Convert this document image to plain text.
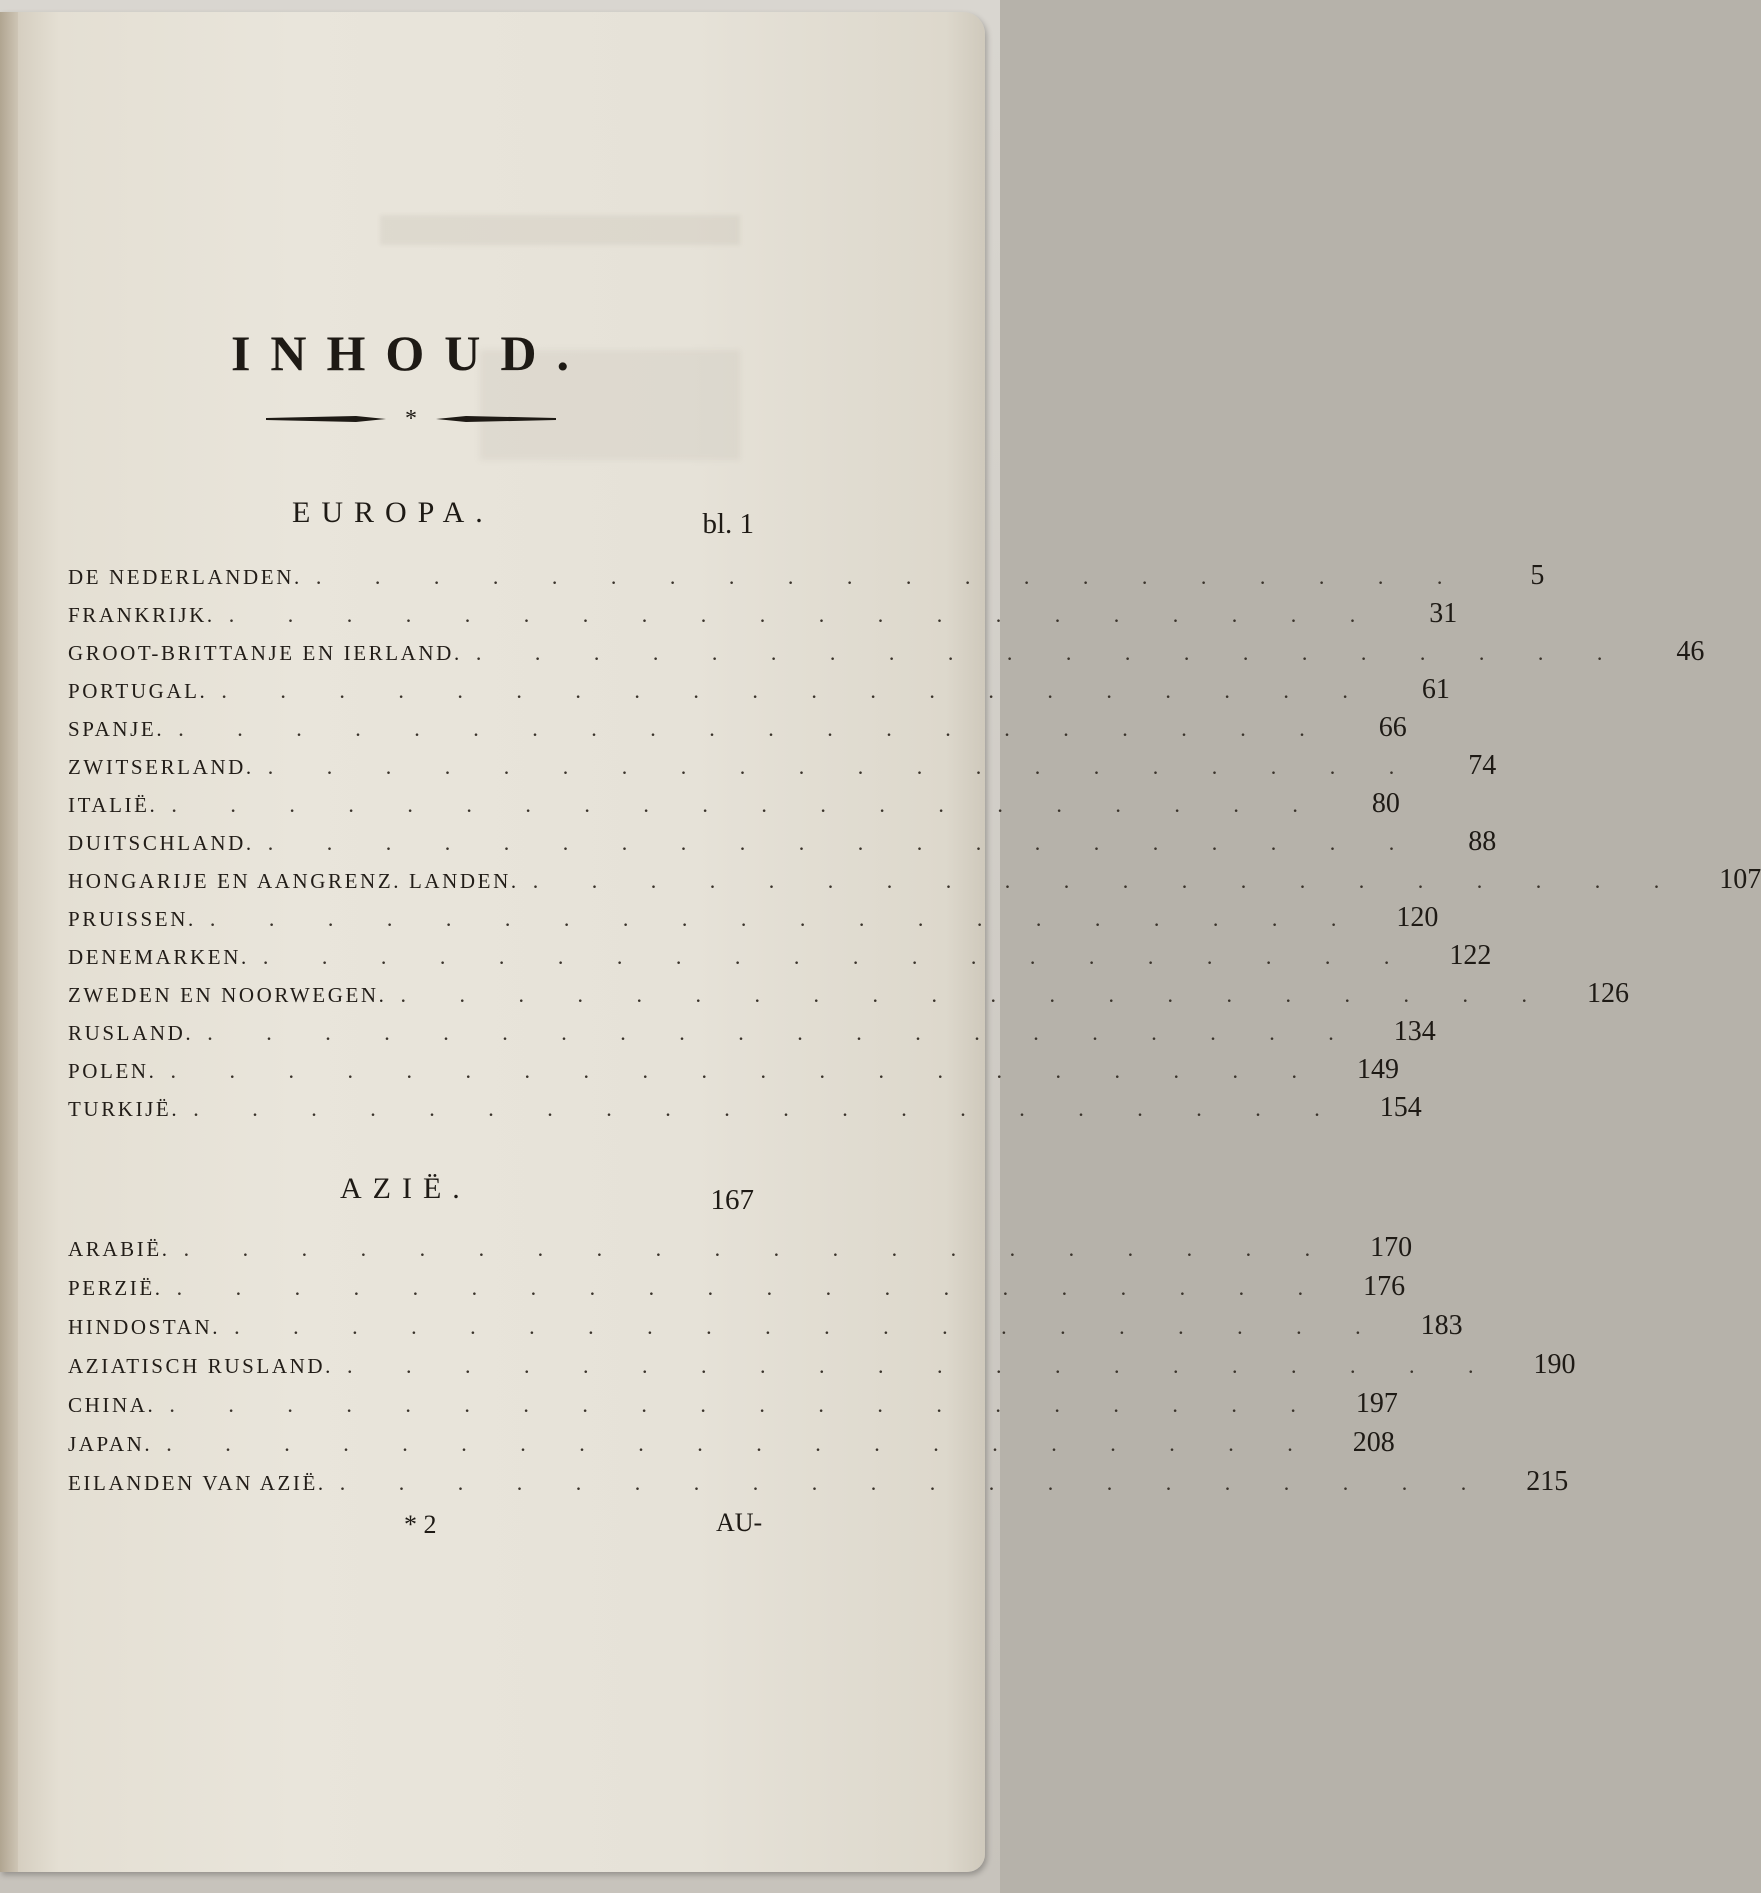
INHOUD.
*
EUROPA.	bl. 1
DE NEDERLANDEN. . . . . . . . . . . . . . . . . . . . .	5
FRANKRIJK. . . . . . . . . . . . . . . . . . . . .	31
GROOT-BRITTANJE EN IERLAND. . . . . . . . . . . . . . . . . . . . .	46
PORTUGAL. . . . . . . . . . . . . . . . . . . . .	61
SPANJE. . . . . . . . . . . . . . . . . . . . .	66
ZWITSERLAND. . . . . . . . . . . . . . . . . . . . .	74
ITALIË. . . . . . . . . . . . . . . . . . . . .	80
DUITSCHLAND. . . . . . . . . . . . . . . . . . . . .	88
HONGARIJE EN AANGRENZ. LANDEN. . . . . . . . . . . . . . . . . . . . .	107
PRUISSEN. . . . . . . . . . . . . . . . . . . . .	120
DENEMARKEN. . . . . . . . . . . . . . . . . . . . .	122
ZWEDEN EN NOORWEGEN. . . . . . . . . . . . . . . . . . . . .	126
RUSLAND. . . . . . . . . . . . . . . . . . . . .	134
POLEN. . . . . . . . . . . . . . . . . . . . .	149
TURKIJË. . . . . . . . . . . . . . . . . . . . .	154
AZIË.	167
ARABIË. . . . . . . . . . . . . . . . . . . . .	170
PERZIË. . . . . . . . . . . . . . . . . . . . .	176
HINDOSTAN. . . . . . . . . . . . . . . . . . . . .	183
AZIATISCH RUSLAND. . . . . . . . . . . . . . . . . . . . .	190
CHINA. . . . . . . . . . . . . . . . . . . . .	197
JAPAN. . . . . . . . . . . . . . . . . . . . .	208
EILANDEN VAN AZIË. . . . . . . . . . . . . . . . . . . . .	215
* 2	AU-
